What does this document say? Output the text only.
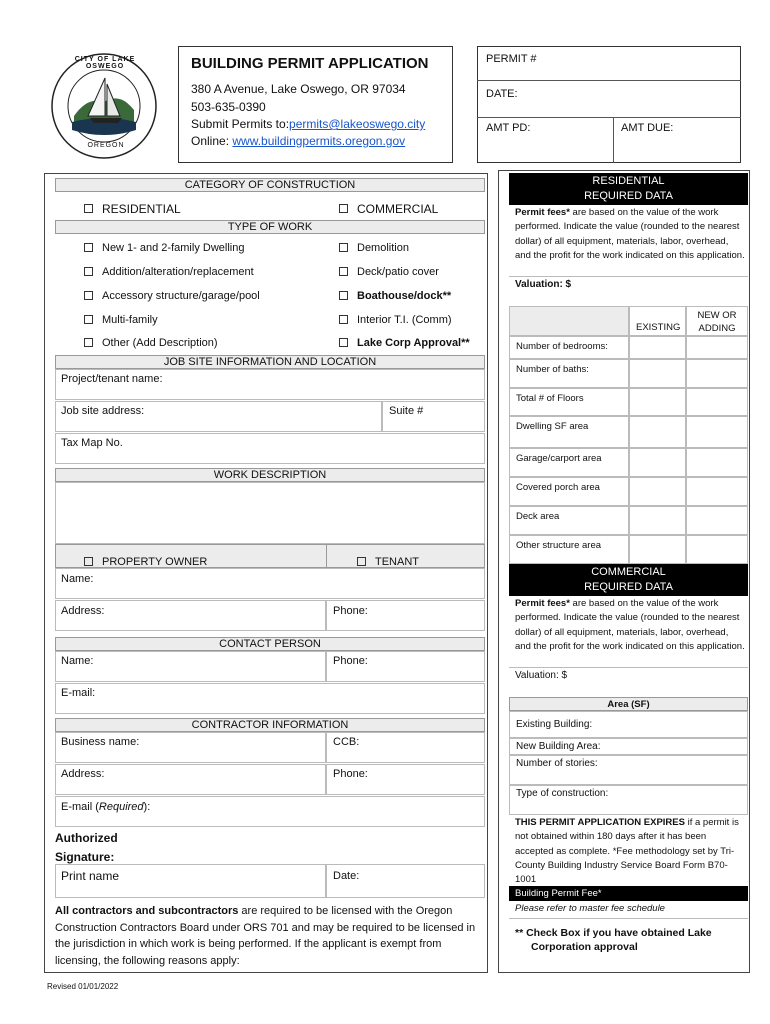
CITY OF LAKE OSWEGO
OREGON
BUILDING PERMIT APPLICATION
380 A Avenue, Lake Oswego, OR 97034
503-635-0390
Submit Permits to:permits@lakeoswego.city
Online: www.buildingpermits.oregon.gov
PERMIT #
DATE:
AMT PD:	AMT DUE:
CATEGORY OF CONSTRUCTION
RESIDENTIAL	COMMERCIAL
TYPE OF WORK
New 1- and 2-family Dwelling
Addition/alteration/replacement
Accessory structure/garage/pool
Multi-family
Other (Add Description)
Demolition
Deck/patio cover
Boathouse/dock**
Interior T.I. (Comm)
Lake Corp Approval**
JOB SITE INFORMATION AND LOCATION
Project/tenant name:
Job site address:	Suite #
Tax Map No.
WORK DESCRIPTION
PROPERTY OWNER	TENANT
Name:
Address:	Phone:
CONTACT PERSON
Name:	Phone:
E-mail:
CONTRACTOR INFORMATION
Business name:	CCB:
Address:	Phone:
E-mail (Required):
Authorized
Signature:
Print name	Date:
All contractors and subcontractors are required to be licensed with the Oregon Construction Contractors Board under ORS 701 and may be required to be licensed in the jurisdiction in which work is being performed. If the applicant is exempt from licensing, the following reasons apply:
Revised 01/01/2022
RESIDENTIAL
REQUIRED DATA
Permit fees* are based on the value of the work performed. Indicate the value (rounded to the nearest dollar) of all equipment, materials, labor, overhead, and the profit for the work indicated on this application.
Valuation: $
EXISTING
NEW OR
ADDING
Number of bedrooms:
Number of baths:
Total # of Floors
Dwelling SF area
Garage/carport area
Covered porch area
Deck area
Other structure area
COMMERCIAL
REQUIRED DATA
Permit fees* are based on the value of the work performed. Indicate the value (rounded to the nearest dollar) of all equipment, materials, labor, overhead, and the profit for the work indicated on this application.
Valuation: $
Area (SF)
Existing Building:
New Building Area:
Number of stories:
Type of construction:
THIS PERMIT APPLICATION EXPIRES if a permit is not obtained within 180 days after it has been accepted as complete. *Fee methodology set by Tri-County Building Industry Service Board Form B70-1001
Building Permit Fee*
Please refer to master fee schedule
** Check Box if you have obtained Lake
Corporation approval
